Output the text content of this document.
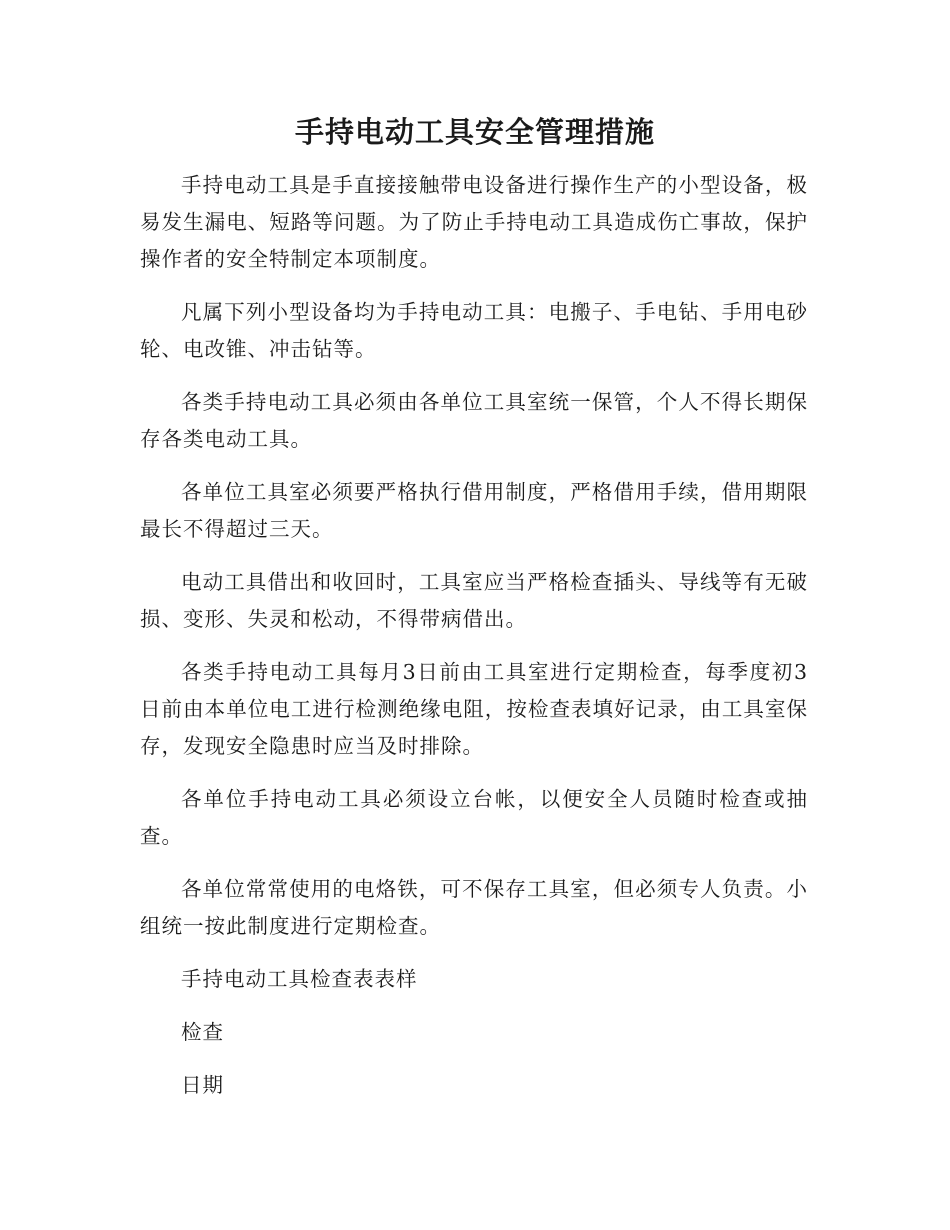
手持电动工具安全管理措施

手持电动工具是手直接接触带电设备进行操作生产的小型设备，极易发生漏电、短路等问题。为了防止手持电动工具造成伤亡事故，保护操作者的安全特制定本项制度。

凡属下列小型设备均为手持电动工具：电搬子、手电钻、手用电砂轮、电改锥、冲击钻等。

各类手持电动工具必须由各单位工具室统一保管，个人不得长期保存各类电动工具。

各单位工具室必须要严格执行借用制度，严格借用手续，借用期限最长不得超过三天。

电动工具借出和收回时，工具室应当严格检查插头、导线等有无破损、变形、失灵和松动，不得带病借出。

各类手持电动工具每月3日前由工具室进行定期检查，每季度初3日前由本单位电工进行检测绝缘电阻，按检查表填好记录，由工具室保存，发现安全隐患时应当及时排除。

各单位手持电动工具必须设立台帐，以便安全人员随时检查或抽查。

各单位常常使用的电烙铁，可不保存工具室，但必须专人负责。小组统一按此制度进行定期检查。

手持电动工具检查表表样

检查

日期
